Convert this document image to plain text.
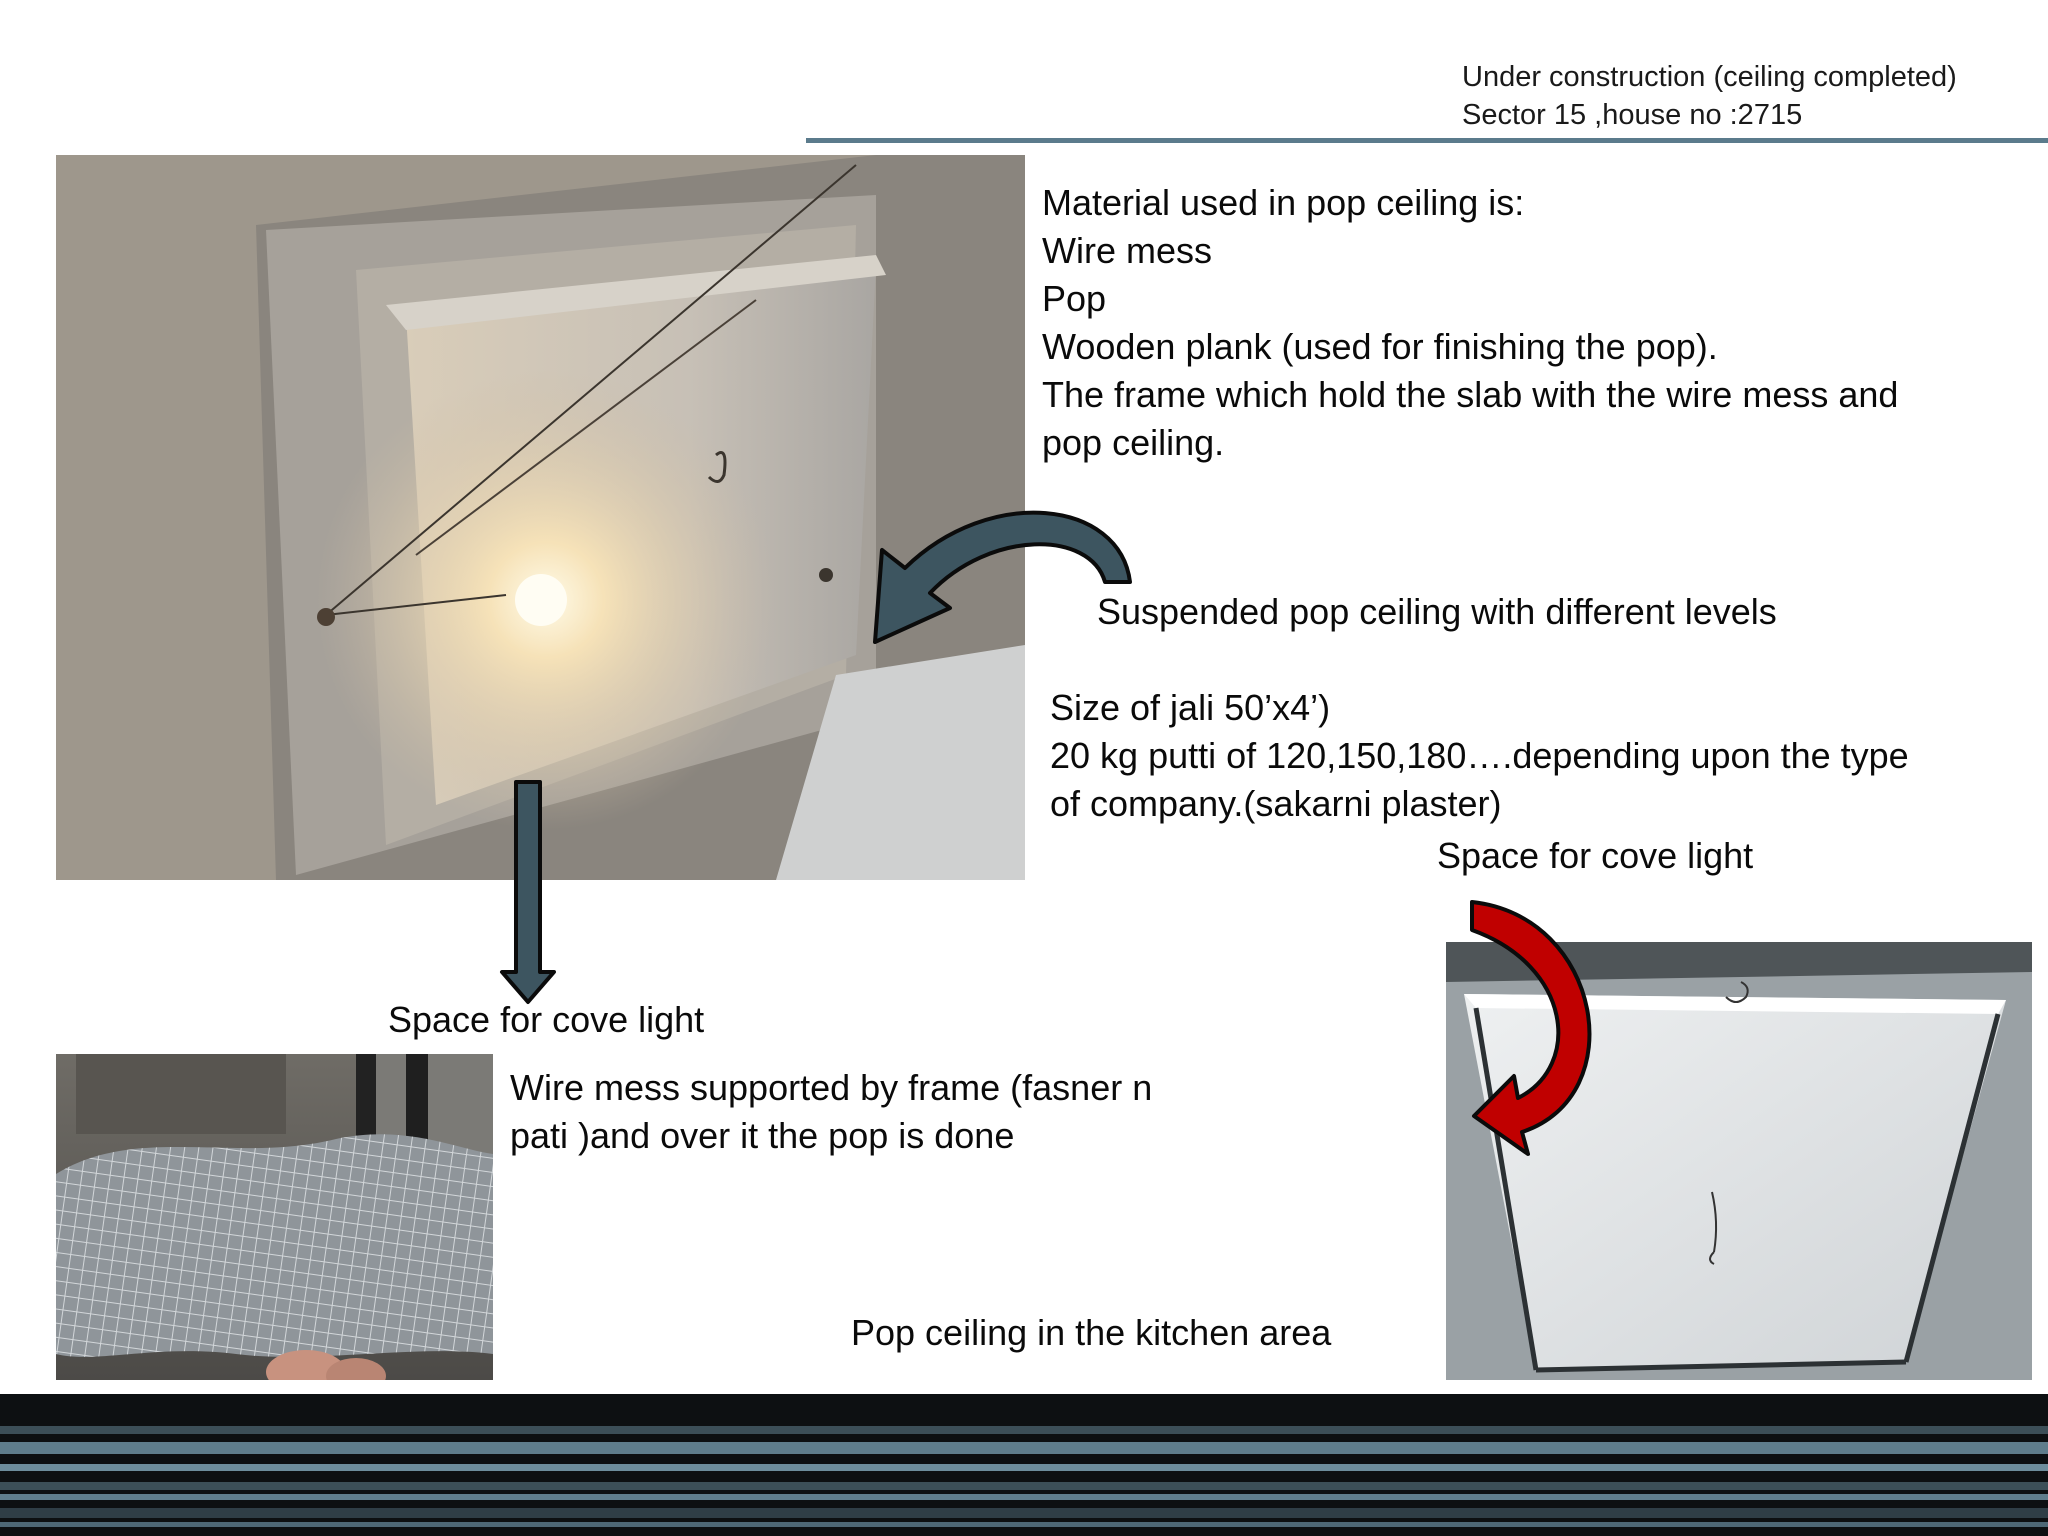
Under construction (ceiling completed)
Sector 15 ,house no :2715
Material used in pop ceiling is:
Wire mess
Pop
Wooden plank (used for finishing the pop).
The frame which hold the slab with the wire mess and
pop ceiling.
Suspended pop ceiling with different levels
Size of jali 50’x4’)
20 kg putti of 120,150,180….depending upon the type
of company.(sakarni plaster)
Space for cove light
Space for cove light
Wire mess supported by frame (fasner n
pati )and over it the pop is done
Pop ceiling in the kitchen area
